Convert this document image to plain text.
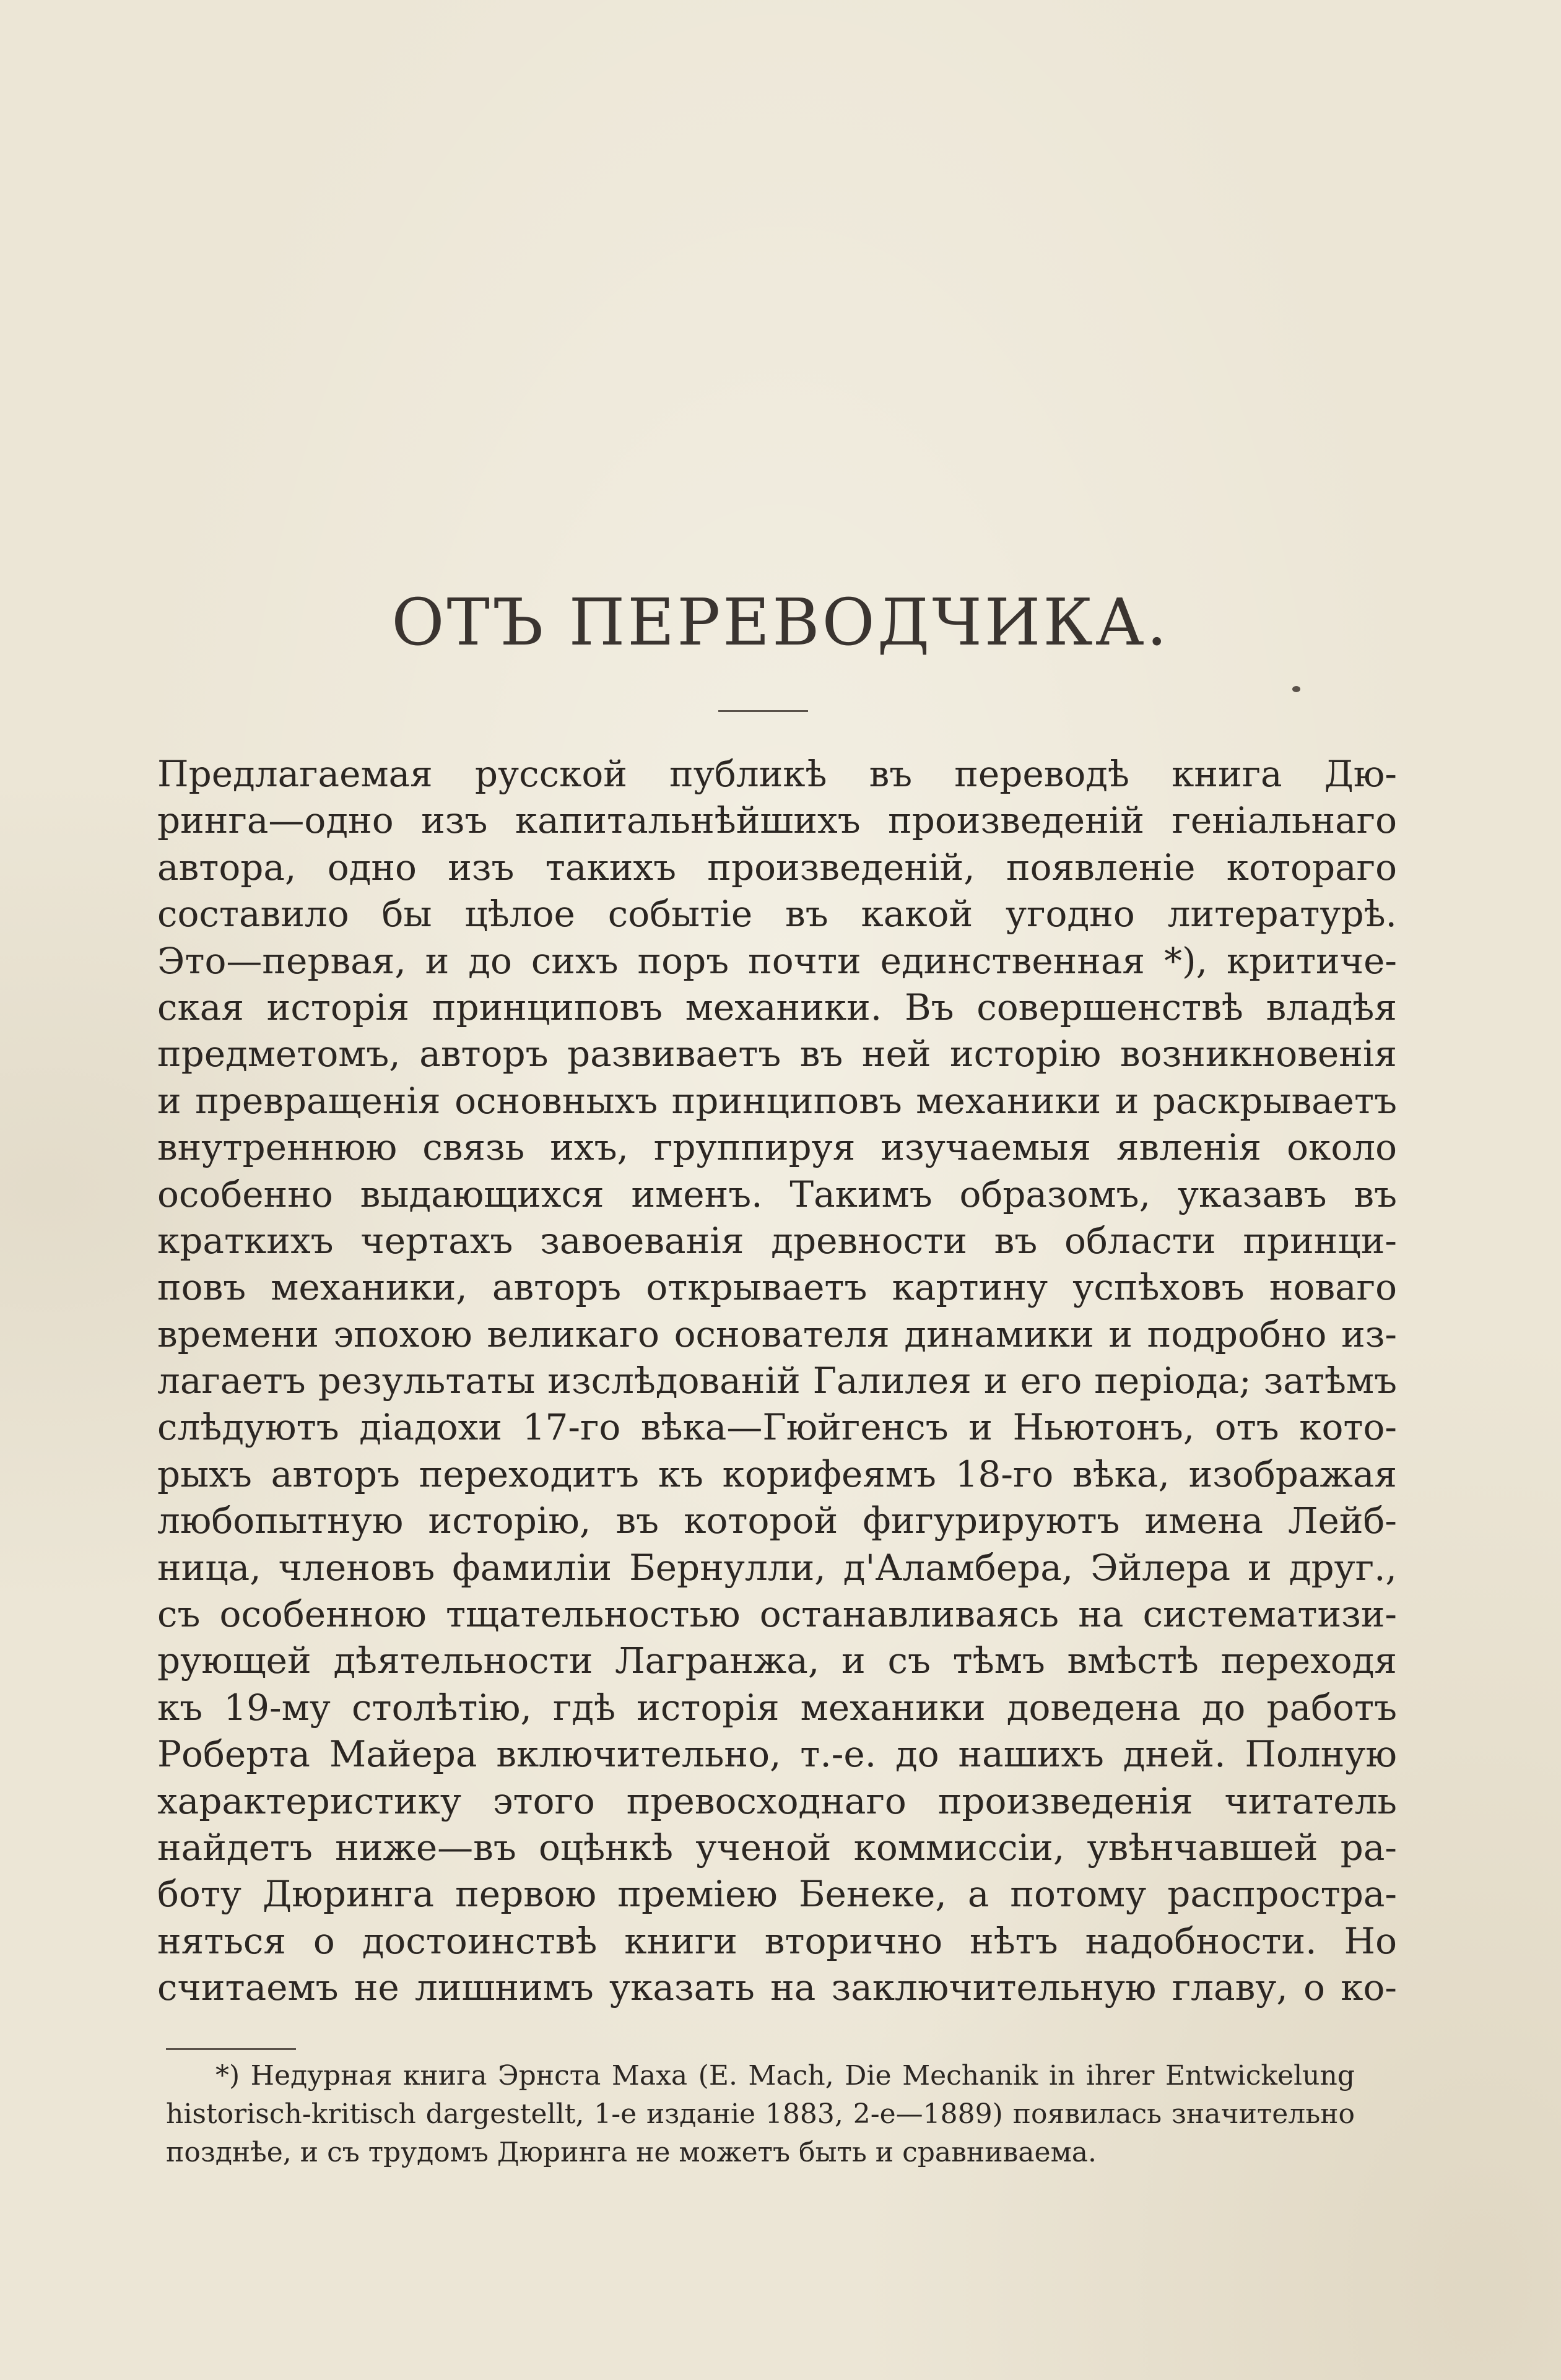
ОТЪ ПЕРЕВОДЧИКА.
Предлагаемая русской публикѣ въ переводѣ книга Дю-
ринга—одно изъ капитальнѣйшихъ произведенiй генiальнаго
автора, одно изъ такихъ произведенiй, появленiе котораго
составило бы цѣлое событiе въ какой угодно литературѣ.
Это—первая, и до сихъ поръ почти единственная *), критиче-
ская исторiя принциповъ механики. Въ совершенствѣ владѣя
предметомъ, авторъ развиваетъ въ ней исторiю возникновенiя
и превращенiя основныхъ принциповъ механики и раскрываетъ
внутреннюю связь ихъ, группируя изучаемыя явленiя около
особенно выдающихся именъ. Такимъ образомъ, указавъ въ
краткихъ чертахъ завоеванiя древности въ области принци-
повъ механики, авторъ открываетъ картину успѣховъ новаго
времени эпохою великаго основателя динамики и подробно из-
лагаетъ результаты изслѣдованiй Галилея и его перiода; затѣмъ
слѣдуютъ дiадохи 17-го вѣка—Гюйгенсъ и Ньютонъ, отъ кото-
рыхъ авторъ переходитъ къ корифеямъ 18-го вѣка, изображая
любопытную исторiю, въ которой фигурируютъ имена Лейб-
ница, членовъ фамилiи Бернулли, д'Аламбера, Эйлера и друг.,
съ особенною тщательностью останавливаясь на систематизи-
рующей дѣятельности Лагранжа, и съ тѣмъ вмѣстѣ переходя
къ 19-му столѣтiю, гдѣ исторiя механики доведена до работъ
Роберта Майера включительно, т.-е. до нашихъ дней. Полную
характеристику этого превосходнаго произведенiя читатель
найдетъ ниже—въ оцѣнкѣ ученой коммиссiи, увѣнчавшей ра-
боту Дюринга первою премiею Бенеке, а потому распростра-
няться о достоинствѣ книги вторично нѣтъ надобности. Но
считаемъ не лишнимъ указать на заключительную главу, о ко-
*) Недурная книга Эрнста Маха (E. Mach, Die Mechanik in ihrer Entwickelung
historisch-kritisch dargestellt, 1-е изданiе 1883, 2-е—1889) появилась значительно
позднѣе, и съ трудомъ Дюринга не можетъ быть и сравниваема.
